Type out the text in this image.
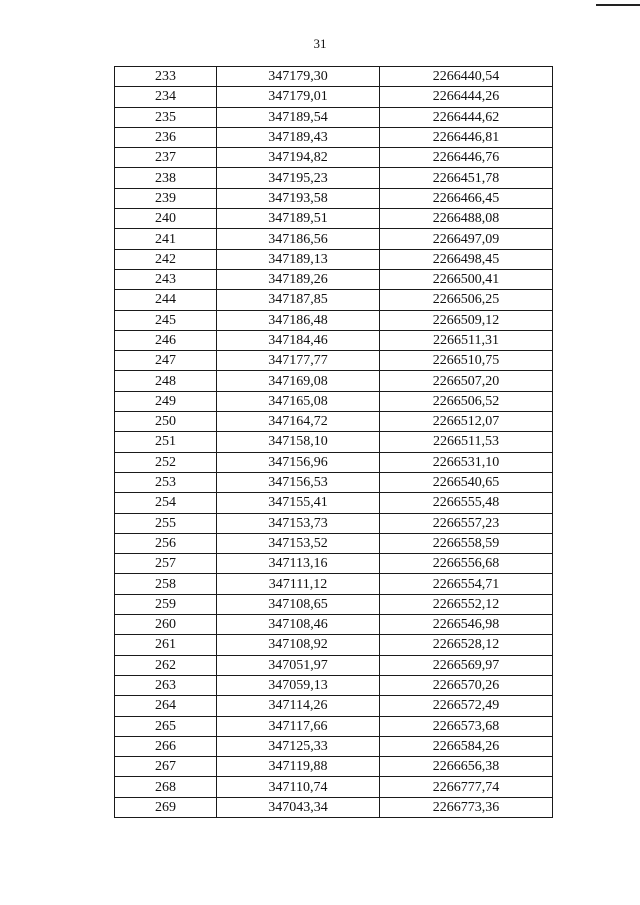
31
233	347179,30	2266440,54
234	347179,01	2266444,26
235	347189,54	2266444,62
236	347189,43	2266446,81
237	347194,82	2266446,76
238	347195,23	2266451,78
239	347193,58	2266466,45
240	347189,51	2266488,08
241	347186,56	2266497,09
242	347189,13	2266498,45
243	347189,26	2266500,41
244	347187,85	2266506,25
245	347186,48	2266509,12
246	347184,46	2266511,31
247	347177,77	2266510,75
248	347169,08	2266507,20
249	347165,08	2266506,52
250	347164,72	2266512,07
251	347158,10	2266511,53
252	347156,96	2266531,10
253	347156,53	2266540,65
254	347155,41	2266555,48
255	347153,73	2266557,23
256	347153,52	2266558,59
257	347113,16	2266556,68
258	347111,12	2266554,71
259	347108,65	2266552,12
260	347108,46	2266546,98
261	347108,92	2266528,12
262	347051,97	2266569,97
263	347059,13	2266570,26
264	347114,26	2266572,49
265	347117,66	2266573,68
266	347125,33	2266584,26
267	347119,88	2266656,38
268	347110,74	2266777,74
269	347043,34	2266773,36
